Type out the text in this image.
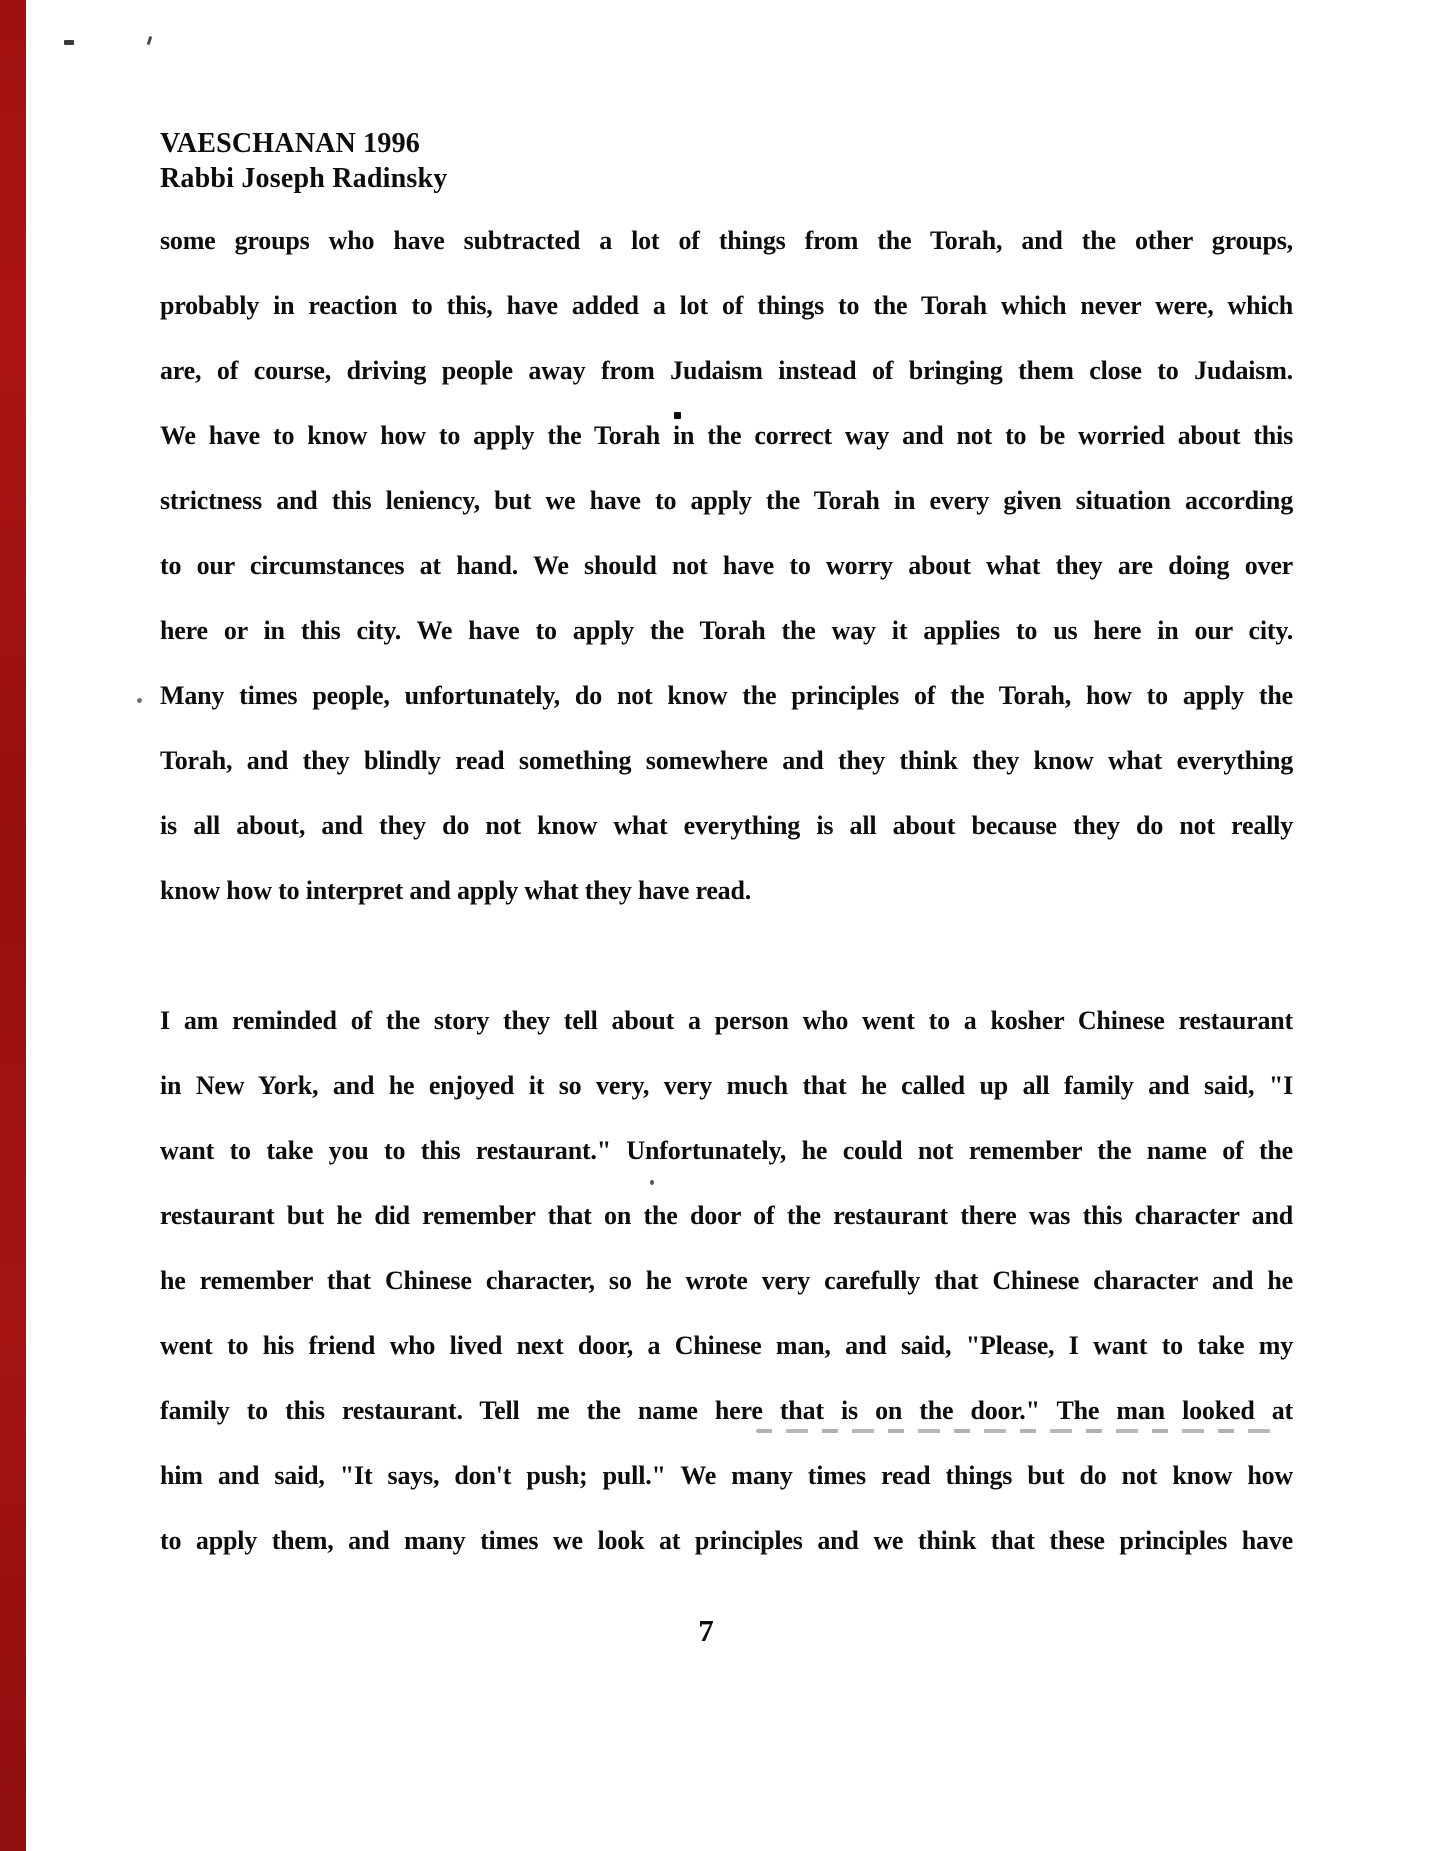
VAESCHANAN 1996
Rabbi Joseph Radinsky
some groups who have subtracted a lot of things from the Torah, and the other groups,
probably in reaction to this, have added a lot of things to the Torah which never were, which
are, of course, driving people away from Judaism instead of bringing them close to Judaism.
We have to know how to apply the Torah in the correct way and not to be worried about this
strictness and this leniency, but we have to apply the Torah in every given situation according
to our circumstances at hand. We should not have to worry about what they are doing over
here or in this city. We have to apply the Torah the way it applies to us here in our city.
Many times people, unfortunately, do not know the principles of the Torah, how to apply the
Torah, and they blindly read something somewhere and they think they know what everything
is all about, and they do not know what everything is all about because they do not really
know how to interpret and apply what they have read.
I am reminded of the story they tell about a person who went to a kosher Chinese restaurant
in New York, and he enjoyed it so very, very much that he called up all family and said, "I
want to take you to this restaurant." Unfortunately, he could not remember the name of the
restaurant but he did remember that on the door of the restaurant there was this character and
he remember that Chinese character, so he wrote very carefully that Chinese character and he
went to his friend who lived next door, a Chinese man, and said, "Please, I want to take my
family to this restaurant. Tell me the name here that is on the door." The man looked at
him and said, "It says, don't push; pull." We many times read things but do not know how
to apply them, and many times we look at principles and we think that these principles have
7
